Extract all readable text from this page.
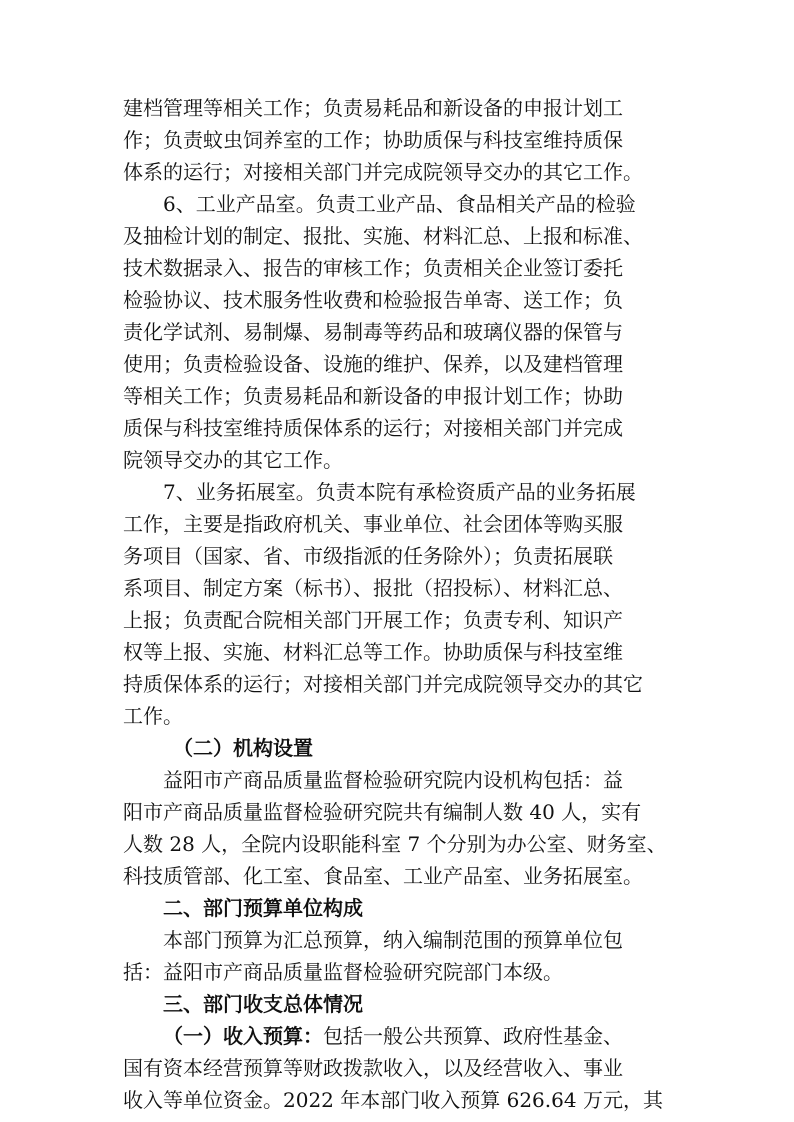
建档管理等相关工作；负责易耗品和新设备的申报计划工

作；负责蚊虫饲养室的工作；协助质保与科技室维持质保

体系的运行；对接相关部门并完成院领导交办的其它工作。

6、工业产品室。负责工业产品、食品相关产品的检验

及抽检计划的制定、报批、实施、材料汇总、上报和标准、

技术数据录入、报告的审核工作；负责相关企业签订委托

检验协议、技术服务性收费和检验报告单寄、送工作；负

责化学试剂、易制爆、易制毒等药品和玻璃仪器的保管与

使用；负责检验设备、设施的维护、保养，以及建档管理

等相关工作；负责易耗品和新设备的申报计划工作；协助

质保与科技室维持质保体系的运行；对接相关部门并完成

院领导交办的其它工作。

7、业务拓展室。负责本院有承检资质产品的业务拓展

工作，主要是指政府机关、事业单位、社会团体等购买服

务项目（国家、省、市级指派的任务除外）；负责拓展联

系项目、制定方案（标书）、报批（招投标）、材料汇总、

上报；负责配合院相关部门开展工作；负责专利、知识产

权等上报、实施、材料汇总等工作。协助质保与科技室维

持质保体系的运行；对接相关部门并完成院领导交办的其它

工作。

（二）机构设置

益阳市产商品质量监督检验研究院内设机构包括：益

阳市产商品质量监督检验研究院共有编制人数 40 人，实有

人数 28 人，全院内设职能科室 7 个分别为办公室、财务室、

科技质管部、化工室、食品室、工业产品室、业务拓展室。

二、部门预算单位构成

本部门预算为汇总预算，纳入编制范围的预算单位包

括：益阳市产商品质量监督检验研究院部门本级。

三、部门收支总体情况

（一）收入预算：包括一般公共预算、政府性基金、

国有资本经营预算等财政拨款收入，以及经营收入、事业

收入等单位资金。2022 年本部门收入预算 626.64 万元，其
